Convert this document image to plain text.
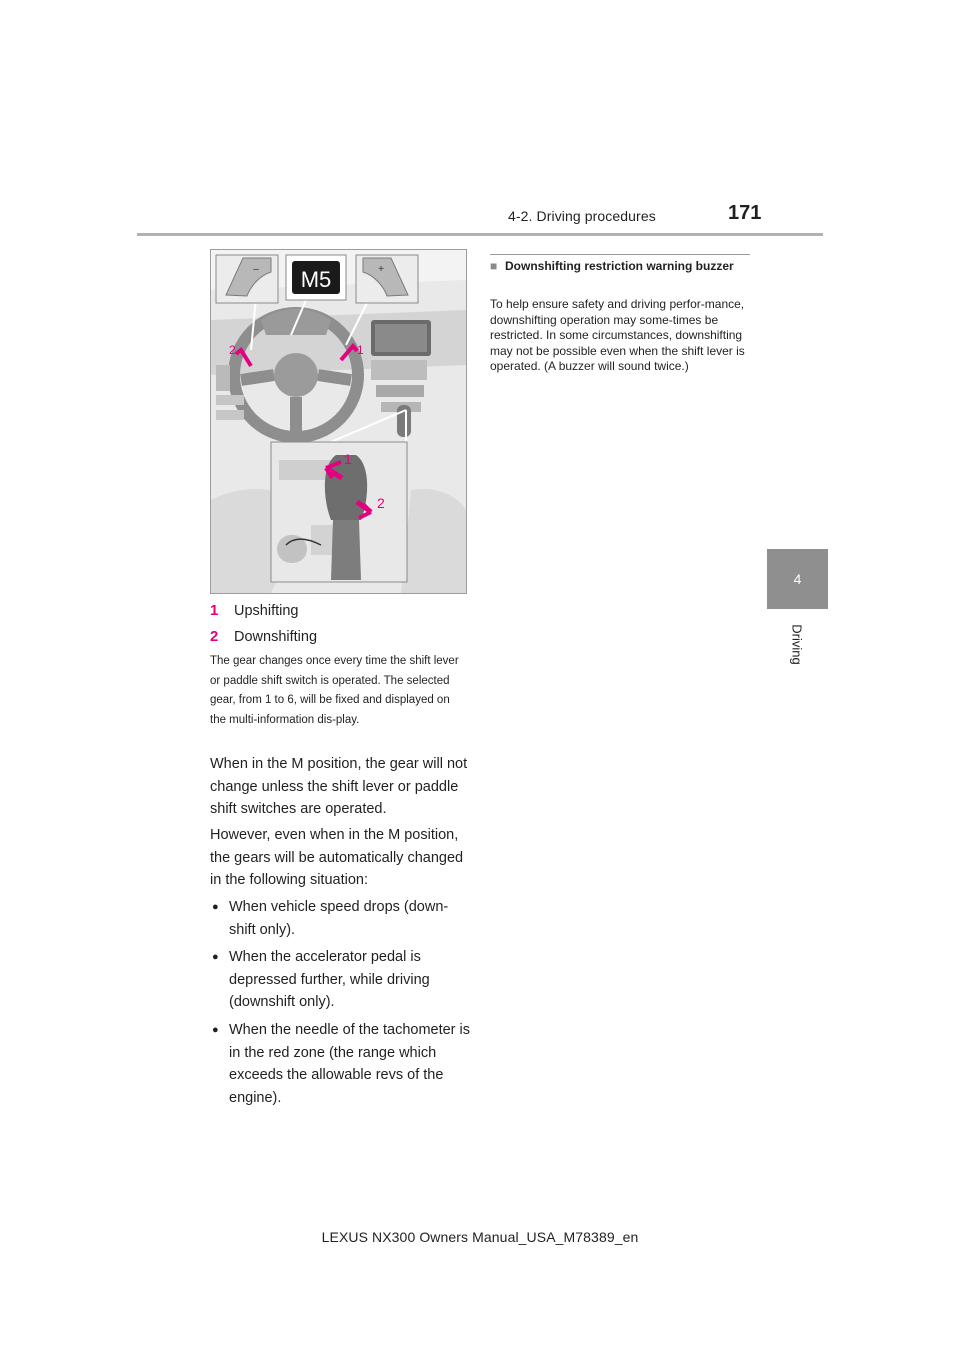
4-2. Driving procedures	171
4
Driving
– M5	+
2	1
1
2
1	Upshifting
2	Downshifting
The gear changes once every time the shift lever or paddle shift switch is operated. The selected gear, from 1 to 6, will be fixed and displayed on the multi-information dis-play.
When in the M position, the gear will not change unless the shift lever or paddle shift switches are operated.
However, even when in the M position, the gears will be automatically changed in the following situation:
● When vehicle speed drops (down-shift only).
● When the accelerator pedal is depressed further, while driving (downshift only).
● When the needle of the tachometer is in the red zone (the range which exceeds the allowable revs of the engine).
■ Downshifting restriction warning buzzer
To help ensure safety and driving perfor-mance, downshifting operation may some-times be restricted. In some circumstances, downshifting may not be possible even when the shift lever is operated. (A buzzer will sound twice.)
LEXUS NX300 Owners Manual_USA_M78389_en
